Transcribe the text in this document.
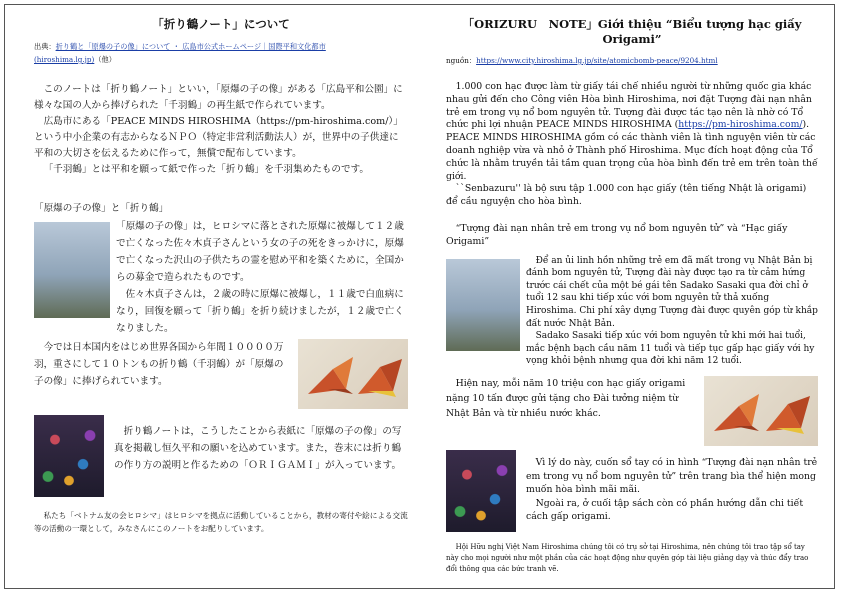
「折り鶴ノート」について
出典：折り鶴と「原爆の子の像」について ・ 広島市公式ホームページ｜国際平和文化都市
(hiroshima.lg.jp)（他）

このノートは「折り鶴ノート」といい，「原爆の子の像」がある「広島平和公園」に様々な国の人から捧げられた「千羽鶴」の再生紙で作られています。

広島市にある「PEACE MINDS HIROSHIMA（https://pm-hiroshima.com/）」という中小企業の有志からなるＮＰＯ（特定非営利活動法人）が，世界中の子供達に平和の大切さを伝えるために作って，無償で配布しています。

「千羽鶴」とは平和を願って紙で作った「折り鶴」を千羽集めたものです。

「原爆の子の像」と「折り鶴」

「原爆の子の像」は，ヒロシマに落とされた原爆に被爆して１２歳で亡くなった佐々木貞子さんという女の子の死をきっかけに，原爆で亡くなった沢山の子供たちの霊を慰め平和を築くために，全国からの募金で造られたものです。

佐々木貞子さんは，２歳の時に原爆に被爆し，１１歳で白血病になり，回復を願って「折り鶴」を折り続けましたが，１２歳で亡くなりました。

今では日本国内をはじめ世界各国から年間１００００万羽，重さにして１０トンもの折り鶴（千羽鶴）が「原爆の子の像」に捧げられています。

折り鶴ノートは，こうしたことから表紙に「原爆の子の像」の写真を掲載し恒久平和の願いを込めています。また，巻末には折り鶴の作り方の説明と作るための「ＯＲＩＧＡＭＩ」が入っています。

私たち「ベトナム友の会ヒロシマ」はヒロシマを拠点に活動していることから，教材の寄付や絵による交流等の活動の一環として，みなさんにこのノートをお配りしています。

「ORIZURU　NOTE」Giới thiệu “Biểu tượng hạc giấy Origami”
nguồn：https://www.city.hiroshima.lg.jp/site/atomicbomb-peace/9204.html

1.000 con hạc được làm từ giấy tái chế nhiều người từ những quốc gia khác nhau gửi đến cho Công viên Hòa bình Hiroshima, nơi đặt Tượng đài nạn nhân trẻ em trong vụ nổ bom nguyên tử. Tượng đài được tác tạo nên là nhờ có Tổ chức phi lợi nhuận PEACE MINDS HIROSHIMA (https://pm-hiroshima.com/). PEACE MINDS HIROSHIMA gồm có các thành viên là tình nguyện viên từ các doanh nghiệp vừa và nhỏ ở Thành phố Hiroshima. Mục đích hoạt động của Tổ chức là nhằm truyền tải tầm quan trọng của hòa bình đến trẻ em trên toàn thế giới.

``Senbazuru'' là bộ sưu tập 1.000 con hạc giấy (tên tiếng Nhật là origami) để cầu nguyện cho hòa bình.

“Tượng đài nạn nhân trẻ em trong vụ nổ bom nguyên tử” và “Hạc giấy Origami”

Để an ủi linh hồn những trẻ em đã mất trong vụ Nhật Bản bị đánh bom nguyên tử, Tượng đài này được tạo ra từ cảm hứng trước cái chết của một bé gái tên Sadako Sasaki qua đời chỉ ở tuổi 12 sau khi tiếp xúc với bom nguyên tử thả xuống Hiroshima. Chi phí xây dựng Tượng đài được quyên góp từ khắp đất nước Nhật Bản.

Sadako Sasaki tiếp xúc với bom nguyên tử khi mới hai tuổi, mắc bệnh bạch cầu năm 11 tuổi và tiếp tục gấp hạc giấy với hy vọng khỏi bệnh nhưng qua đời khi năm 12 tuổi.

Hiện nay, mỗi năm 10 triệu con hạc giấy origami nặng 10 tấn được gửi tặng cho Đài tưởng niệm từ Nhật Bản và từ nhiều nước khác.

Vì lý do này, cuốn sổ tay có in hình “Tượng đài nạn nhân trẻ em trong vụ nổ bom nguyên tử” trên trang bìa thể hiện mong muốn hòa bình mãi mãi.

Ngoài ra, ở cuối tập sách còn có phần hướng dẫn chi tiết cách gấp origami.

Hội Hữu nghị Việt Nam Hiroshima chúng tôi có trụ sở tại Hiroshima, nên chúng tôi trao tập sổ tay này cho mọi người như một phần của các hoạt động như quyên góp tài liệu giảng dạy và thúc đẩy trao đổi thông qua các bức tranh vẽ.
